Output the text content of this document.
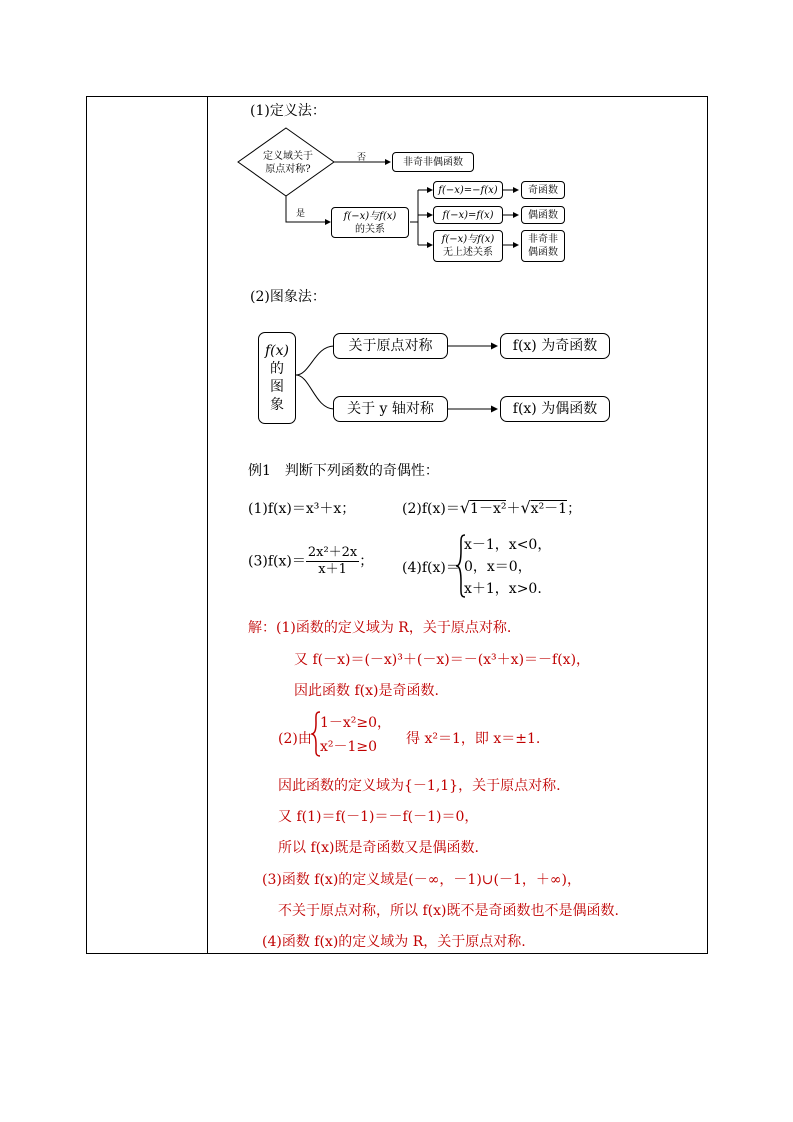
(1)定义法：
定义域关于
原点对称?
否
是
非奇非偶函数
f(−x)与f(x)
的关系
f(−x)=−f(x)
f(−x)=f(x)
f(−x)与f(x)
无上述关系
奇函数
偶函数
非奇非
偶函数
(2)图象法：
f(x)
的
图
象
关于原点对称
关于 y 轴对称
f(x) 为奇函数
f(x) 为偶函数
例1　判断下列函数的奇偶性：
(1)f(x)＝x³＋x；	(2)f(x)＝√1－x²＋√x²－1；
$(3)f(x)= \frac{\text{2x²＋2x}}{x+1}$ ； (4)f(x)＝
x－1，x<0，
0，x＝0，
x＋1，x>0.
解：(1)函数的定义域为 R，关于原点对称.
又 f(－x)＝(－x)³＋(－x)＝－(x³＋x)＝－f(x)，
因此函数 f(x)是奇函数.
(2)由
1－x²≥0，
x²－1≥0	得 x²＝1，即 x＝±1.
因此函数的定义域为{－1,1}，关于原点对称.
又 f(1)＝f(－1)＝－f(－1)＝0，
所以 f(x)既是奇函数又是偶函数.
(3)函数 f(x)的定义域是(－∞，－1)∪(－1，＋∞)，
不关于原点对称，所以 f(x)既不是奇函数也不是偶函数.
(4)函数 f(x)的定义域为 R，关于原点对称.
